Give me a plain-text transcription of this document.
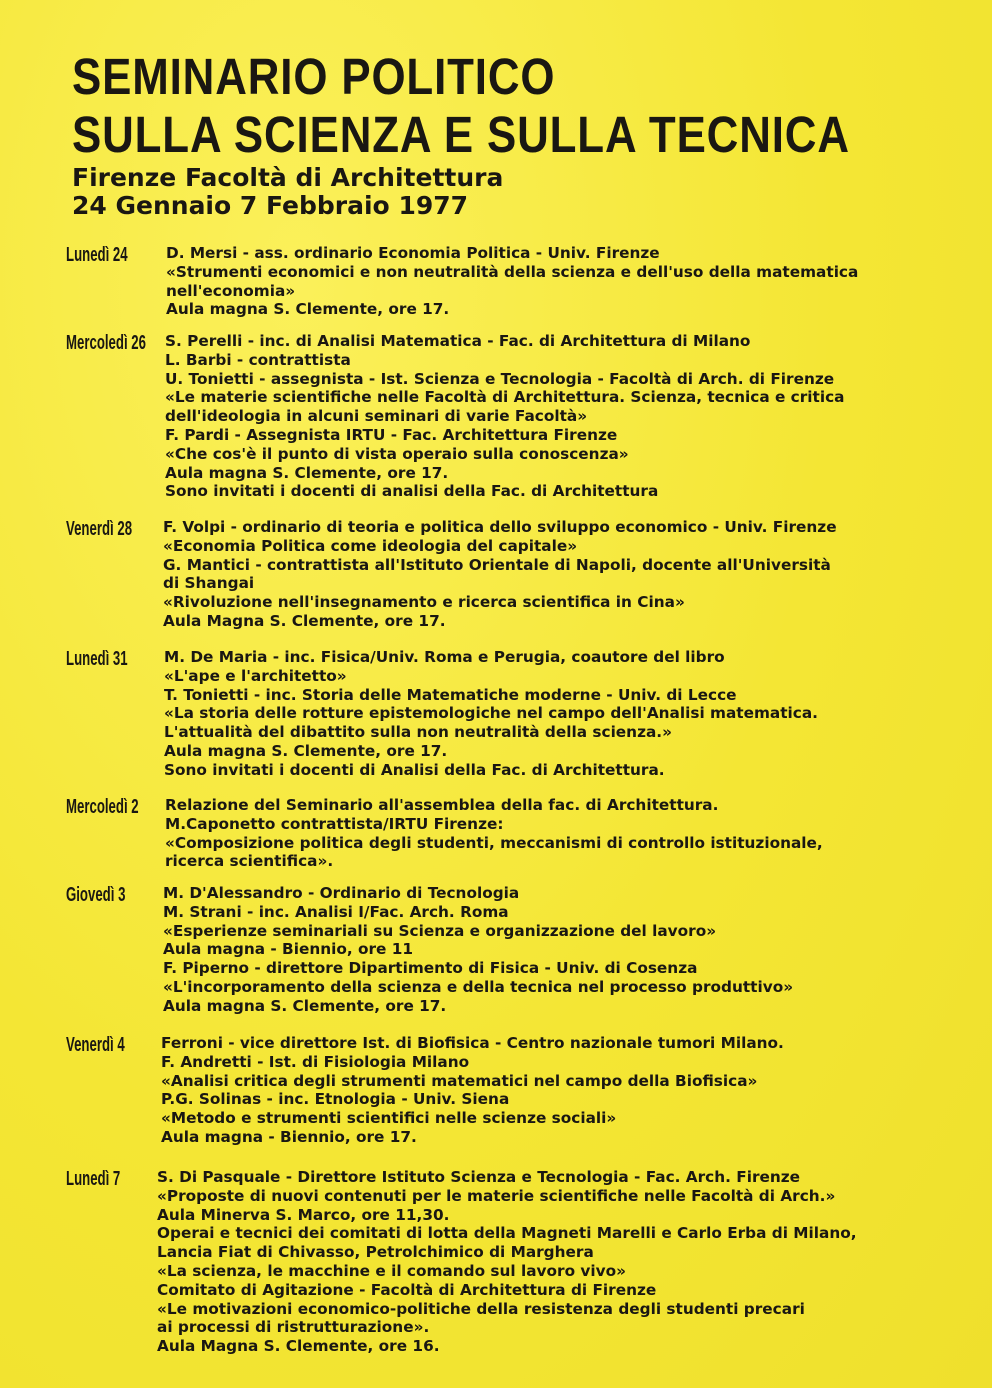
SEMINARIO POLITICO
SULLA SCIENZA E SULLA TECNICA
Firenze Facoltà di Architettura
24 Gennaio 7 Febbraio 1977
Lunedì 24	D. Mersi - ass. ordinario Economia Politica - Univ. Firenze
«Strumenti economici e non neutralità della scienza e dell'uso della matematica
nell'economia»
Aula magna S. Clemente, ore 17.
Mercoledì 26 S. Perelli - inc. di Analisi Matematica - Fac. di Architettura di Milano
L. Barbi - contrattista
U. Tonietti - assegnista - Ist. Scienza e Tecnologia - Facoltà di Arch. di Firenze
«Le materie scientifiche nelle Facoltà di Architettura. Scienza, tecnica e critica
dell'ideologia in alcuni seminari di varie Facoltà»
F. Pardi - Assegnista IRTU - Fac. Architettura Firenze
«Che cos'è il punto di vista operaio sulla conoscenza»
Aula magna S. Clemente, ore 17.
Sono invitati i docenti di analisi della Fac. di Architettura
Venerdì 28 F. Volpi - ordinario di teoria e politica dello sviluppo economico - Univ. Firenze
«Economia Politica come ideologia del capitale»
G. Mantici - contrattista all'Istituto Orientale di Napoli, docente all'Università
di Shangai
«Rivoluzione nell'insegnamento e ricerca scientifica in Cina»
Aula Magna S. Clemente, ore 17.
Lunedì 31 M. De Maria - inc. Fisica/Univ. Roma e Perugia, coautore del libro
«L'ape e l'architetto»
T. Tonietti - inc. Storia delle Matematiche moderne - Univ. di Lecce
«La storia delle rotture epistemologiche nel campo dell'Analisi matematica.
L'attualità del dibattito sulla non neutralità della scienza.»
Aula magna S. Clemente, ore 17.
Sono invitati i docenti di Analisi della Fac. di Architettura.
Mercoledì 2 Relazione del Seminario all'assemblea della fac. di Architettura.
M.Caponetto contrattista/IRTU Firenze:
«Composizione politica degli studenti, meccanismi di controllo istituzionale,
ricerca scientifica».
Giovedì 3	M. D'Alessandro - Ordinario di Tecnologia
M. Strani - inc. Analisi I/Fac. Arch. Roma
«Esperienze seminariali su Scienza e organizzazione del lavoro»
Aula magna - Biennio, ore 11
F. Piperno - direttore Dipartimento di Fisica - Univ. di Cosenza
«L'incorporamento della scienza e della tecnica nel processo produttivo»
Aula magna S. Clemente, ore 17.
Venerdì 4	Ferroni - vice direttore Ist. di Biofisica - Centro nazionale tumori Milano.
F. Andretti - Ist. di Fisiologia Milano
«Analisi critica degli strumenti matematici nel campo della Biofisica»
P.G. Solinas - inc. Etnologia - Univ. Siena
«Metodo e strumenti scientifici nelle scienze sociali»
Aula magna - Biennio, ore 17.
Lunedì 7	S. Di Pasquale - Direttore Istituto Scienza e Tecnologia - Fac. Arch. Firenze
«Proposte di nuovi contenuti per le materie scientifiche nelle Facoltà di Arch.»
Aula Minerva S. Marco, ore 11,30.
Operai e tecnici dei comitati di lotta della Magneti Marelli e Carlo Erba di Milano,
Lancia Fiat di Chivasso, Petrolchimico di Marghera
«La scienza, le macchine e il comando sul lavoro vivo»
Comitato di Agitazione - Facoltà di Architettura di Firenze
«Le motivazioni economico-politiche della resistenza degli studenti precari
ai processi di ristrutturazione».
Aula Magna S. Clemente, ore 16.
